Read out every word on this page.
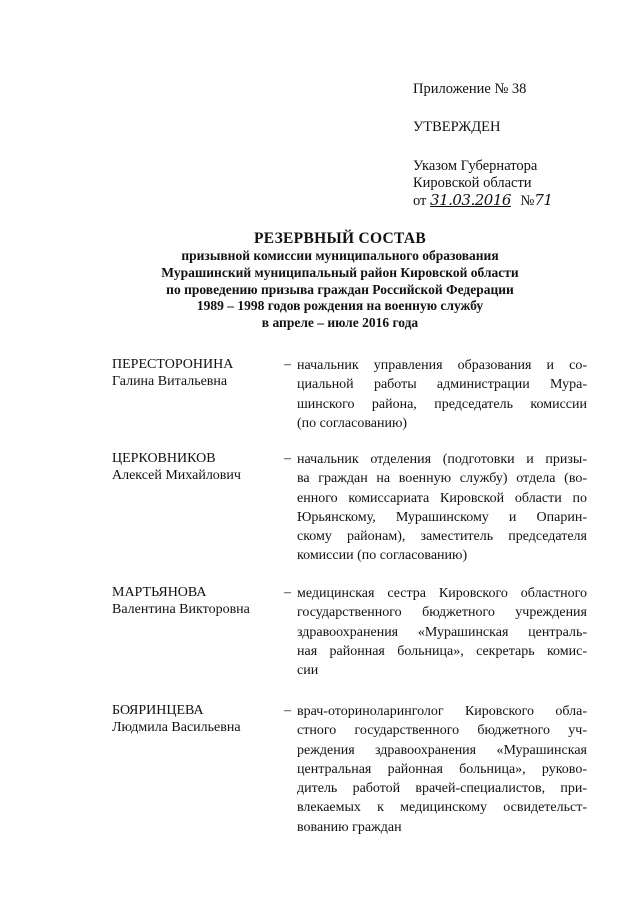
Приложение № 38
УТВЕРЖДЕН
Указом Губернатора
Кировской области
от 31.03.2016 №71
РЕЗЕРВНЫЙ СОСТАВ
призывной комиссии муниципального образования
Мурашинский муниципальный район Кировской области
по проведению призыва граждан Российской Федерации
1989 – 1998 годов рождения на военную службу
в апреле – июле 2016 года
ПЕРЕСТОРОНИНА
Галина Витальевна
– начальник управления образования и со-
циальной работы администрации Мура-
шинского района, председатель комиссии
(по согласованию)
ЦЕРКОВНИКОВ
Алексей Михайлович
– начальник отделения (подготовки и призы-
ва граждан на военную службу) отдела (во-
енного комиссариата Кировской области по
Юрьянскому, Мурашинскому и Опарин-
скому районам), заместитель председателя
комиссии (по согласованию)
МАРТЬЯНОВА
Валентина Викторовна
– медицинская сестра Кировского областного
государственного бюджетного учреждения
здравоохранения «Мурашинская централь-
ная районная больница», секретарь комис-
сии
БОЯРИНЦЕВА
Людмила Васильевна
– врач-оториноларинголог Кировского обла-
стного государственного бюджетного уч-
реждения здравоохранения «Мурашинская
центральная районная больница», руково-
дитель работой врачей-специалистов, при-
влекаемых к медицинскому освидетельст-
вованию граждан
